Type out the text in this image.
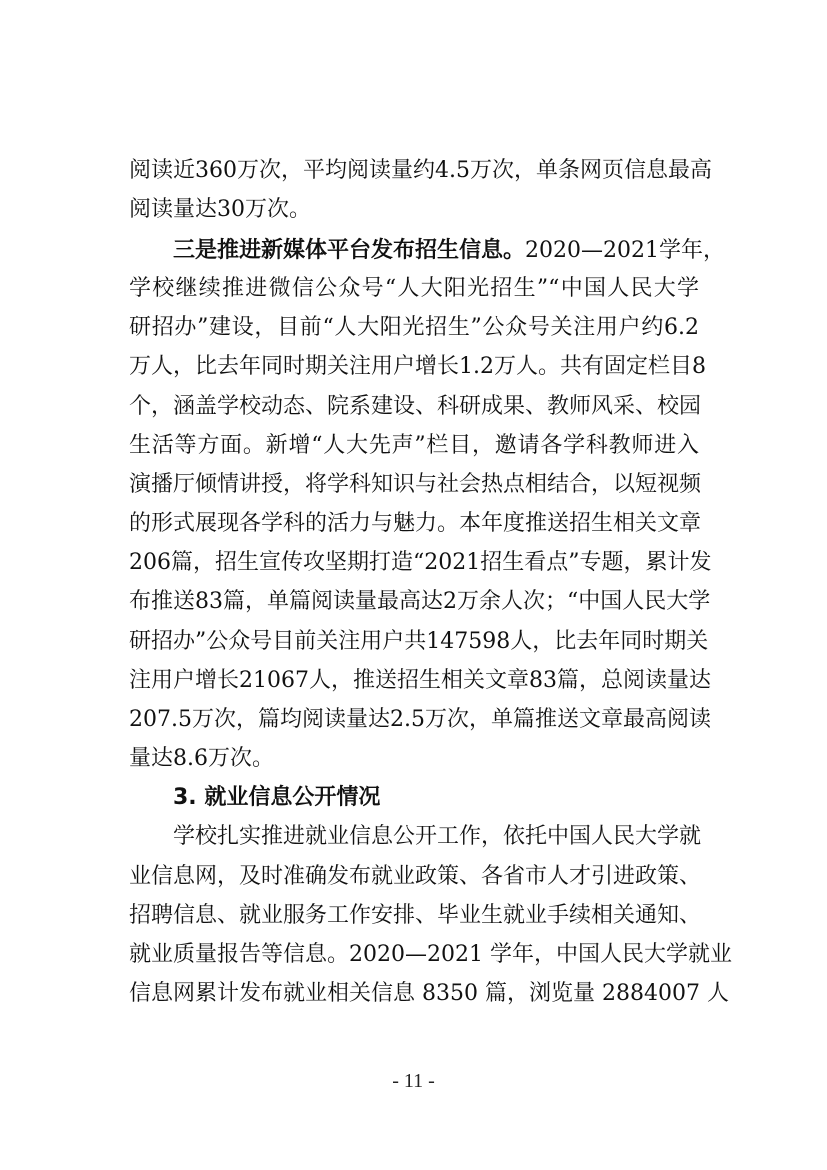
阅读近360万次，平均阅读量约4.5万次，单条网页信息最高
阅读量达30万次。
三是推进新媒体平台发布招生信息。2020—2021学年，
学校继续推进微信公众号“人大阳光招生”“中国人民大学
研招办”建设，目前“人大阳光招生”公众号关注用户约6.2
万人，比去年同时期关注用户增长1.2万人。共有固定栏目8
个，涵盖学校动态、院系建设、科研成果、教师风采、校园
生活等方面。新增“人大先声”栏目，邀请各学科教师进入
演播厅倾情讲授，将学科知识与社会热点相结合，以短视频
的形式展现各学科的活力与魅力。本年度推送招生相关文章
206篇，招生宣传攻坚期打造“2021招生看点”专题，累计发
布推送83篇，单篇阅读量最高达2万余人次；“中国人民大学
研招办”公众号目前关注用户共147598人，比去年同时期关
注用户增长21067人，推送招生相关文章83篇，总阅读量达
207.5万次，篇均阅读量达2.5万次，单篇推送文章最高阅读
量达8.6万次。
3. 就业信息公开情况
学校扎实推进就业信息公开工作，依托中国人民大学就
业信息网，及时准确发布就业政策、各省市人才引进政策、
招聘信息、就业服务工作安排、毕业生就业手续相关通知、
就业质量报告等信息。2020—2021 学年，中国人民大学就业
信息网累计发布就业相关信息 8350 篇，浏览量 2884007 人
- 11 -
